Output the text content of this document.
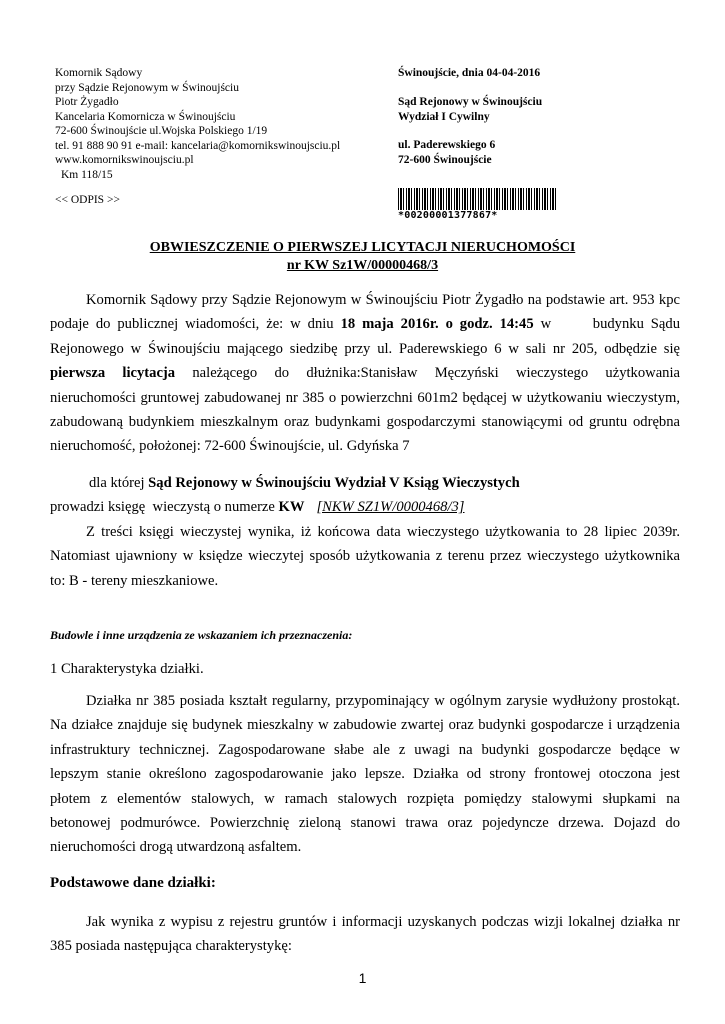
Komornik Sądowy
przy Sądzie Rejonowym w Świnoujściu
Piotr Żygadło
Kancelaria Komornicza w Świnoujściu
72-600 Świnoujście ul.Wojska Polskiego 1/19
tel. 91 888 90 91 e-mail: kancelaria@komornikswinoujsciu.pl
www.komornikswinoujsciu.pl
Km 118/15
<< ODPIS >>
Świnoujście, dnia 04-04-2016
Sąd Rejonowy w Świnoujściu
Wydział I Cywilny
ul. Paderewskiego 6
72-600 Świnoujście
*00200001377867*
OBWIESZCZENIE O PIERWSZEJ LICYTACJI NIERUCHOMOŚCI
nr KW Sz1W/00000468/3
Komornik Sądowy przy Sądzie Rejonowym w Świnoujściu Piotr Żygadło na podstawie art. 953 kpc
podaje do publicznej wiadomości, że: w dniu 18 maja 2016r. o godz. 14:45 w      budynku Sądu
Rejonowego w Świnoujściu mającego siedzibę przy ul. Paderewskiego 6 w sali nr 205, odbędzie się
pierwsza licytacja należącego do dłużnika:Stanisław Męczyński wieczystego użytkowania
nieruchomości gruntowej zabudowanej nr 385 o powierzchni 601m2 będącej w użytkowaniu wieczystym,
zabudowaną budynkiem mieszkalnym oraz budynkami gospodarczymi stanowiącymi od gruntu odrębna
nieruchomość, położonej: 72-600 Świnoujście, ul. Gdyńska 7
dla której Sąd Rejonowy w Świnoujściu Wydział V Ksiąg Wieczystych
prowadzi księgę  wieczystą o numerze KW [NKW SZ1W/0000468/3]
Z treści księgi wieczystej wynika, iż końcowa data wieczystego użytkowania to 28 lipiec 2039r.
Natomiast ujawniony w księdze wieczytej sposób użytkowania z terenu przez wieczystego użytkownika
to: B - tereny mieszkaniowe.
Budowle i inne urządzenia ze wskazaniem ich przeznaczenia:
1 Charakterystyka działki.
Działka nr 385 posiada kształt regularny, przypominający w ogólnym zarysie wydłużony prostokąt.
Na działce znajduje się budynek mieszkalny w zabudowie zwartej oraz budynki gospodarcze i urządzenia
infrastruktury technicznej. Zagospodarowane słabe ale z uwagi na budynki gospodarcze będące w
lepszym stanie określono zagospodarowanie jako lepsze. Działka od strony frontowej otoczona jest
płotem z elementów stalowych, w ramach stalowych rozpięta pomiędzy stalowymi słupkami na
betonowej podmurówce. Powierzchnię zieloną stanowi trawa oraz pojedyncze drzewa. Dojazd do
nieruchomości drogą utwardzoną asfaltem.
Podstawowe dane działki:
Jak wynika z wypisu z rejestru gruntów i informacji uzyskanych podczas wizji lokalnej działka nr
385 posiada następująca charakterystykę:
1
